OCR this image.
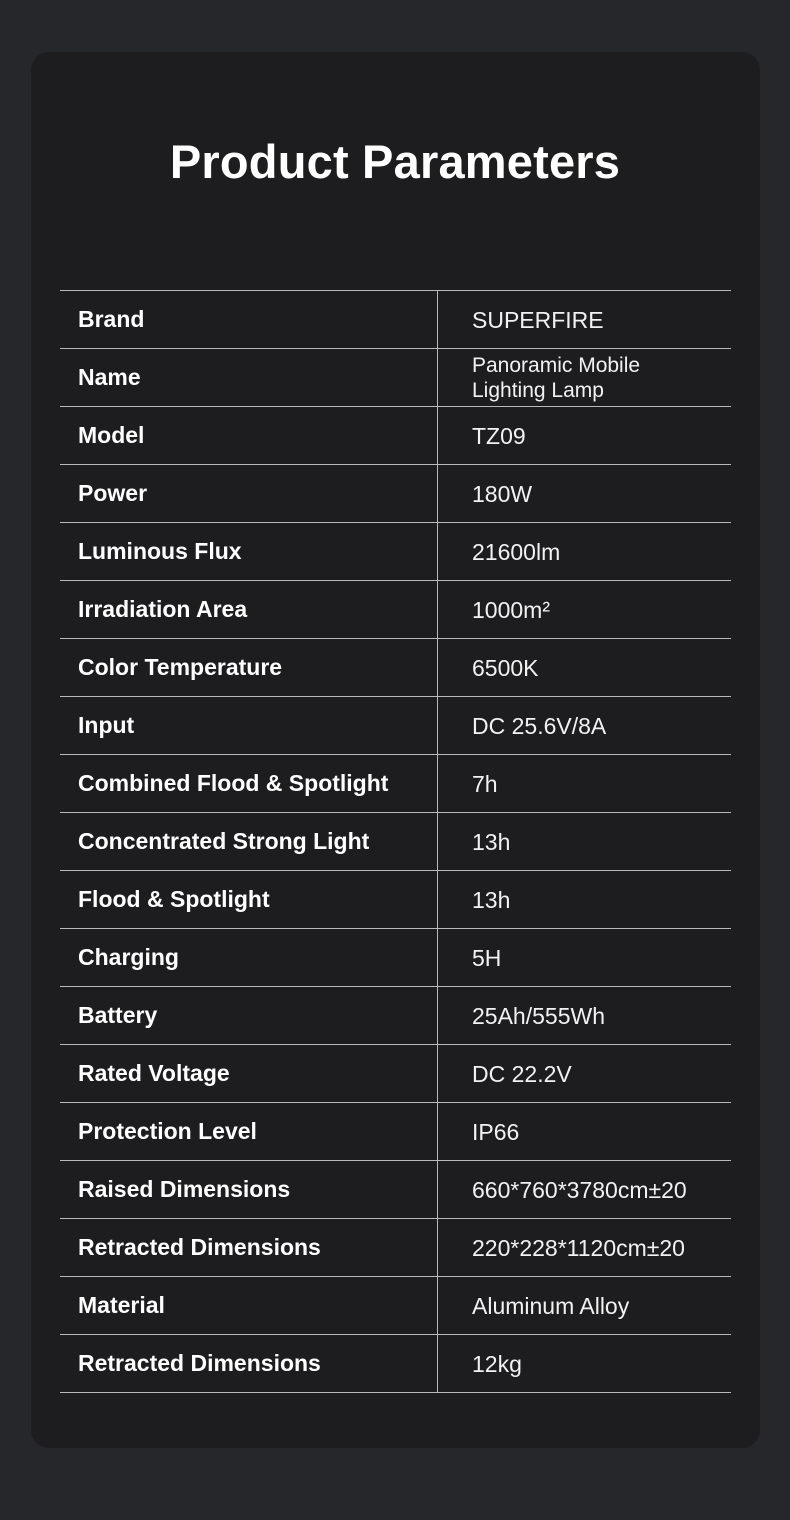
Product Parameters
Brand	SUPERFIRE
Name	Panoramic Mobile
Lighting Lamp
Model	TZ09
Power	180W
Luminous Flux	21600lm
Irradiation Area	1000m²
Color Temperature	6500K
Input	DC 25.6V/8A
Combined Flood & Spotlight	7h
Concentrated Strong Light	13h
Flood & Spotlight	13h
Charging	5H
Battery	25Ah/555Wh
Rated Voltage	DC 22.2V
Protection Level	IP66
Raised Dimensions	660*760*3780cm±20
Retracted Dimensions	220*228*1120cm±20
Material	Aluminum Alloy
Retracted Dimensions	12kg
